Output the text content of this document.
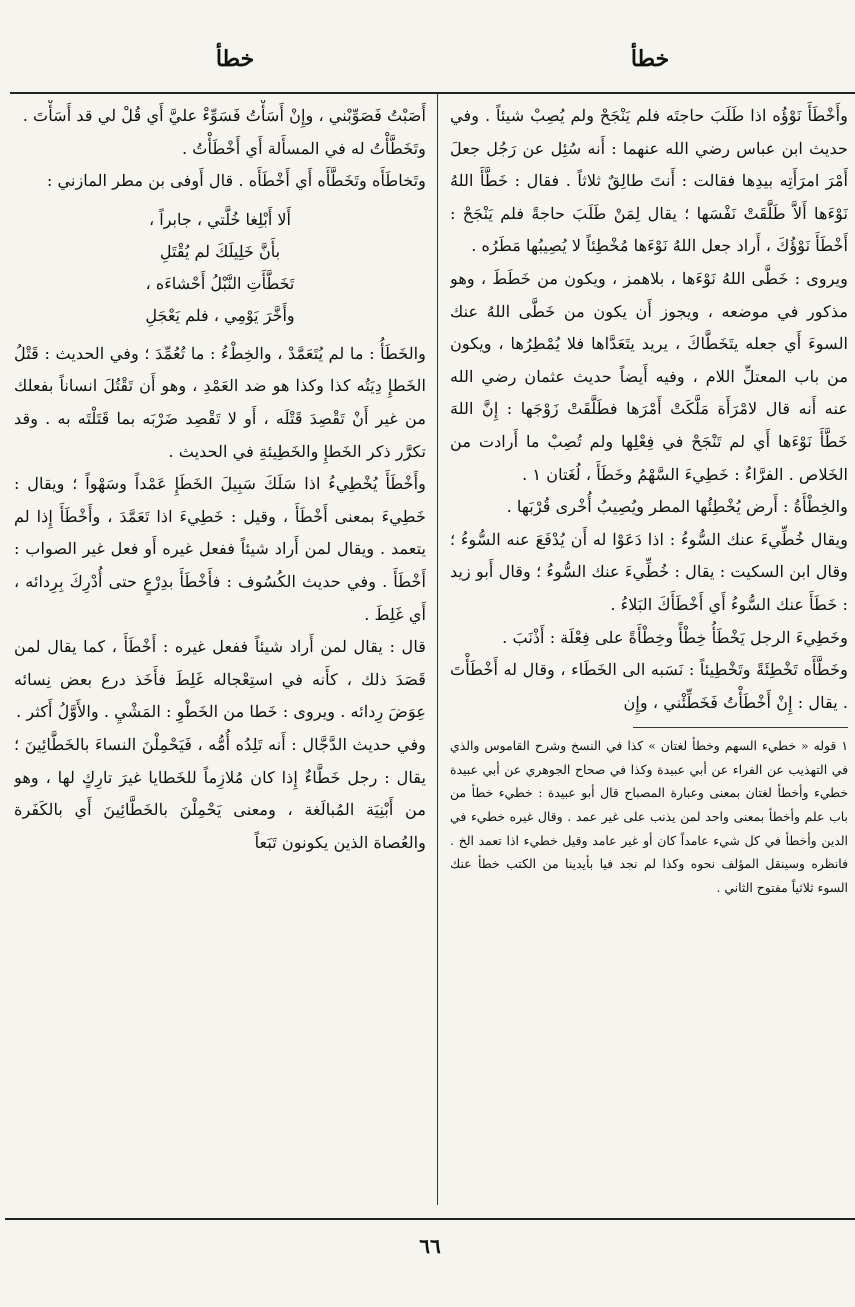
خطأ
خطأ

وأَخْطَأَ نَوْؤُه اذا طَلَبَ حاجتَه فلم يَنْجَحْ ولم يُصِبْ شيئاً . وفي حديث ابن عباس رضي الله عنهما : أَنه سُئِل عن رَجُل جعلَ أَمْرَ امرَأَتِه بيدِها فقالت : أَنتَ طالِقٌ ثلاثاً . فقال : خَطَّأَ اللهُ نَوْءَها أَلاَّ طَلَّقَتْ نَفْسَها ؛ يقال لِمَنْ طَلَبَ حاجةً فلم يَنْجَحْ : أَخْطَأَ نَوْؤُكَ ، أَراد جعل اللهُ نَوْءَها مُخْطِئاً لا يُصِيبُها مَطَرُه .

ويروى : خَطَّى اللهُ نَوْءَها ، بلاهمز ، ويكون من خَطَطَ ، وهو مذكور في موضعه ، ويجوز أَن يكون من خَطَّى اللهُ عنك السوءَ أَي جعله يتَخَطَّاكَ ، يريد يتَعَدَّاها فلا يُمْطِرُها ، ويكون من باب المعتلِّ اللام ، وفيه أَيضاً حديث عثمان رضي الله عنه أَنه قال لامْرَأَة مَلَّكَتْ أَمْرَها فطَلَّقَتْ زَوْجَها : إِنَّ اللهَ خَطَّأَ نَوْءَها أَي لم تَنْجَحْ في فِعْلِها ولم تُصِبْ ما أَرادت من الخَلاص . الفرَّاءُ : خَطِيءَ السَّهْمُ وخَطَأَ ، لُغَتان ١ .

والخِطْأَةُ : أَرض يُخْطِئُها المطر ويُصِيبُ أُخْرى قُرْبَها .

ويقال خُطِّيءَ عنك السُّوءُ : اذا دَعَوْا له أَن يُدْفَعَ عنه السُّوءُ ؛ وقال ابن السكيت : يقال : خُطِّيءَ عنك السُّوءُ ؛ وقال أَبو زيد : خَطَأَ عنك السُّوءُ أَي أَخْطَأَكَ البَلاءُ .

وخَطِيءَ الرجل يَخْطَأُ خِطْأً وخِطْأَةً على فِعْلَة : أَذْنَبَ .

وخَطَّأَه تَخْطِئَةً وتَخْطِيئاً : نَسَبه الى الخَطَاء ، وقال له أَخْطَأْتَ . يقال : إِنْ أَخْطَأْتُ فَخَطِّئْني ، وإِن

١ قوله « خطيء السهم وخطأ لغتان » كذا في النسخ وشرح القاموس والذي في التهذيب عن الفراء عن أبي عبيدة وكذا في صحاح الجوهري عن أبي عبيدة خطيء وأخطأ لغتان بمعنى وعبارة المصباح قال أبو عبيدة : خطيء خطأ من باب علم وأخطأ بمعنى واحد لمن يذنب على غير عمد . وقال غيره خطيء في الدين وأخطأ في كل شيء عامداً كان أو غير عامد وقيل خطيء اذا تعمد الخ . فانظره وسينقل المؤلف نحوه وكذا لم نجد فيا بأيدينا من الكتب خطأ عنك السوء ثلاثياً مفتوح الثاني .

أَصَبْتُ فَصَوِّبْني ، وإِنْ أَسَأْتُ فَسَوِّءْ عليَّ أَي قُلْ لي قد أَسَأْتَ .

وتَخَطَّأْتُ له في المسأَلة أَي أَخْطَأْتُ .

وتَخاطَأَه وتَخَطَّأَه أَي أَخْطَأَه . قال أَوفى بن مطر المازني :

أَلا أَبْلِغا خُلَّتي ، جابراً ،
بأَنَّ خَلِيلَكَ لم يُقْتَلِ
تَخَطَّأَتِ النَّبْلُ أَحْشاءَه ،
وأَخَّرَ يَوْمِي ، فلم يَعْجَلِ

والخَطَأُ : ما لم يُتَعَمَّدْ ، والخِطْءُ : ما تُعُمِّدَ ؛ وفي الحديث : قَتْلُ الخَطإِ دِيَتُه كذا وكذا هو ضد العَمْدِ ، وهو أَن تَقْتُلَ انساناً بفعلك من غير أَنْ تَقْصِدَ قَتْلَه ، أَو لا تَقْصِد ضَرْبَه بما قَتَلْتَه به . وقد تكرَّر ذكر الخَطإِ والخَطِيئةِ في الحديث .

وأَخْطَأَ يُخْطِيءُ اذا سَلَكَ سَبِيلَ الخَطَإِ عَمْداً وسَهْواً ؛ ويقال : خَطِيءَ بمعنى أَخْطَأَ ، وقيل : خَطِيءَ اذا تَعَمَّدَ ، وأَخْطَأَ إِذا لم يتعمد . ويقال لمن أَراد شيئاً ففعل غيره أَو فعل غير الصواب : أَخْطَأَ . وفي حديث الكُسُوف : فأَخْطَأَ بدِرْعٍ حتى أُدْرِكَ بِرِدائه ، أَي غَلِطَ .

قال : يقال لمن أَراد شيئاً ففعل غيره : أَخْطَأَ ، كما يقال لمن قَصَدَ ذلك ، كأَنه في استِعْجاله غَلِطَ فأَخَذ درع بعض نِسائه عِوَضَ رِدائه . ويروى : خَطا من الخَطْوِ : المَشْيِ . والأَوَّلُ أَكثر .

وفي حديث الدَّجَّال : أَنه تَلِدُه أُمُّه ، فَيَحْمِلْنَ النساءَ بالخَطَّائِينَ ؛ يقال : رجل خَطَّاءٌ إِذا كان مُلازِماً للخَطايا غيرَ تارِكٍ لها ، وهو من أَبْنِيَة المُبالَغة ، ومعنى يَحْمِلْنَ بالخَطَّائِينَ أَي بالكَفَرة والعُصاة الذين يكونون تَبَعاً

٦٦
